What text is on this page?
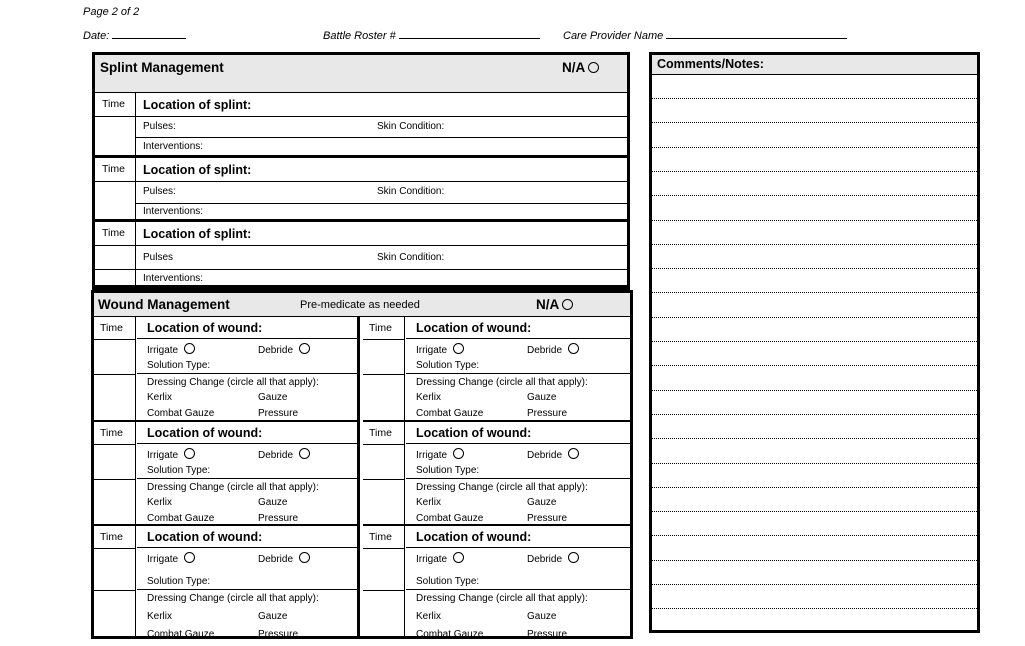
Page 2 of 2
Date:	Battle Roster #	Care Provider Name
Splint Management	N/A
Time Location of splint:
Pulses:	Skin Condition:
Interventions:
Time Location of splint:
Pulses:	Skin Condition:
Interventions:
Time Location of splint:
Pulses	Skin Condition:
Interventions:
Wound Management	Pre-medicate as needed	N/A
Time Location of wound:
Irrigate	Debride
Solution Type:
Dressing Change (circle all that apply):
Kerlix	Gauze
Combat Gauze	Pressure
Time Location of wound:
Irrigate	Debride
Solution Type:
Dressing Change (circle all that apply):
Kerlix	Gauze
Combat Gauze	Pressure
Time Location of wound:
Irrigate	Debride
Solution Type:
Dressing Change (circle all that apply):
Kerlix	Gauze
Combat Gauze	Pressure
Time Location of wound:
Irrigate	Debride
Solution Type:
Dressing Change (circle all that apply):
Kerlix	Gauze
Combat Gauze	Pressure
Time Location of wound:
Irrigate	Debride
Solution Type:
Dressing Change (circle all that apply):
Kerlix	Gauze
Combat Gauze	Pressure
Time Location of wound:
Irrigate	Debride
Solution Type:
Dressing Change (circle all that apply):
Kerlix	Gauze
Combat Gauze	Pressure
Comments/Notes:
